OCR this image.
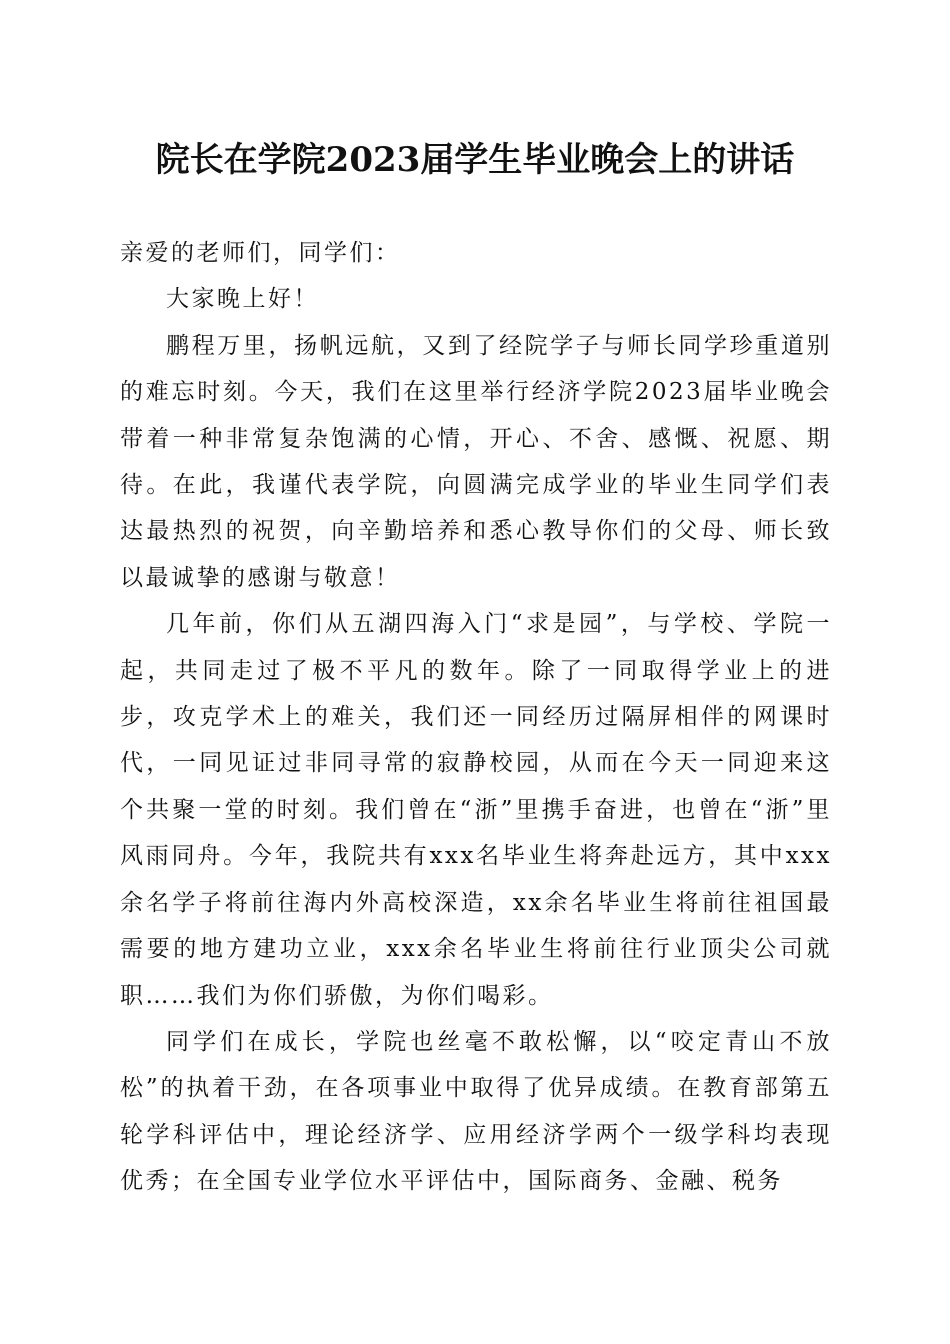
院长在学院2023届学生毕业晚会上的讲话

亲爱的老师们，同学们：

大家晚上好！

鹏程万里，扬帆远航，又到了经院学子与师长同学珍重道别的难忘时刻。今天，我们在这里举行经济学院2023届毕业晚会带着一种非常复杂饱满的心情，开心、不舍、感慨、祝愿、期待。在此，我谨代表学院，向圆满完成学业的毕业生同学们表达最热烈的祝贺，向辛勤培养和悉心教导你们的父母、师长致以最诚挚的感谢与敬意！

几年前，你们从五湖四海入门“求是园”，与学校、学院一起，共同走过了极不平凡的数年。除了一同取得学业上的进步，攻克学术上的难关，我们还一同经历过隔屏相伴的网课时代，一同见证过非同寻常的寂静校园，从而在今天一同迎来这个共聚一堂的时刻。我们曾在“浙”里携手奋进，也曾在“浙”里风雨同舟。今年，我院共有xxx名毕业生将奔赴远方，其中xxx余名学子将前往海内外高校深造，xx余名毕业生将前往祖国最需要的地方建功立业，xxx余名毕业生将前往行业顶尖公司就职……我们为你们骄傲，为你们喝彩。

同学们在成长，学院也丝毫不敢松懈，以“咬定青山不放松”的执着干劲，在各项事业中取得了优异成绩。在教育部第五轮学科评估中，理论经济学、应用经济学两个一级学科均表现优秀；在全国专业学位水平评估中，国际商务、金融、税务
